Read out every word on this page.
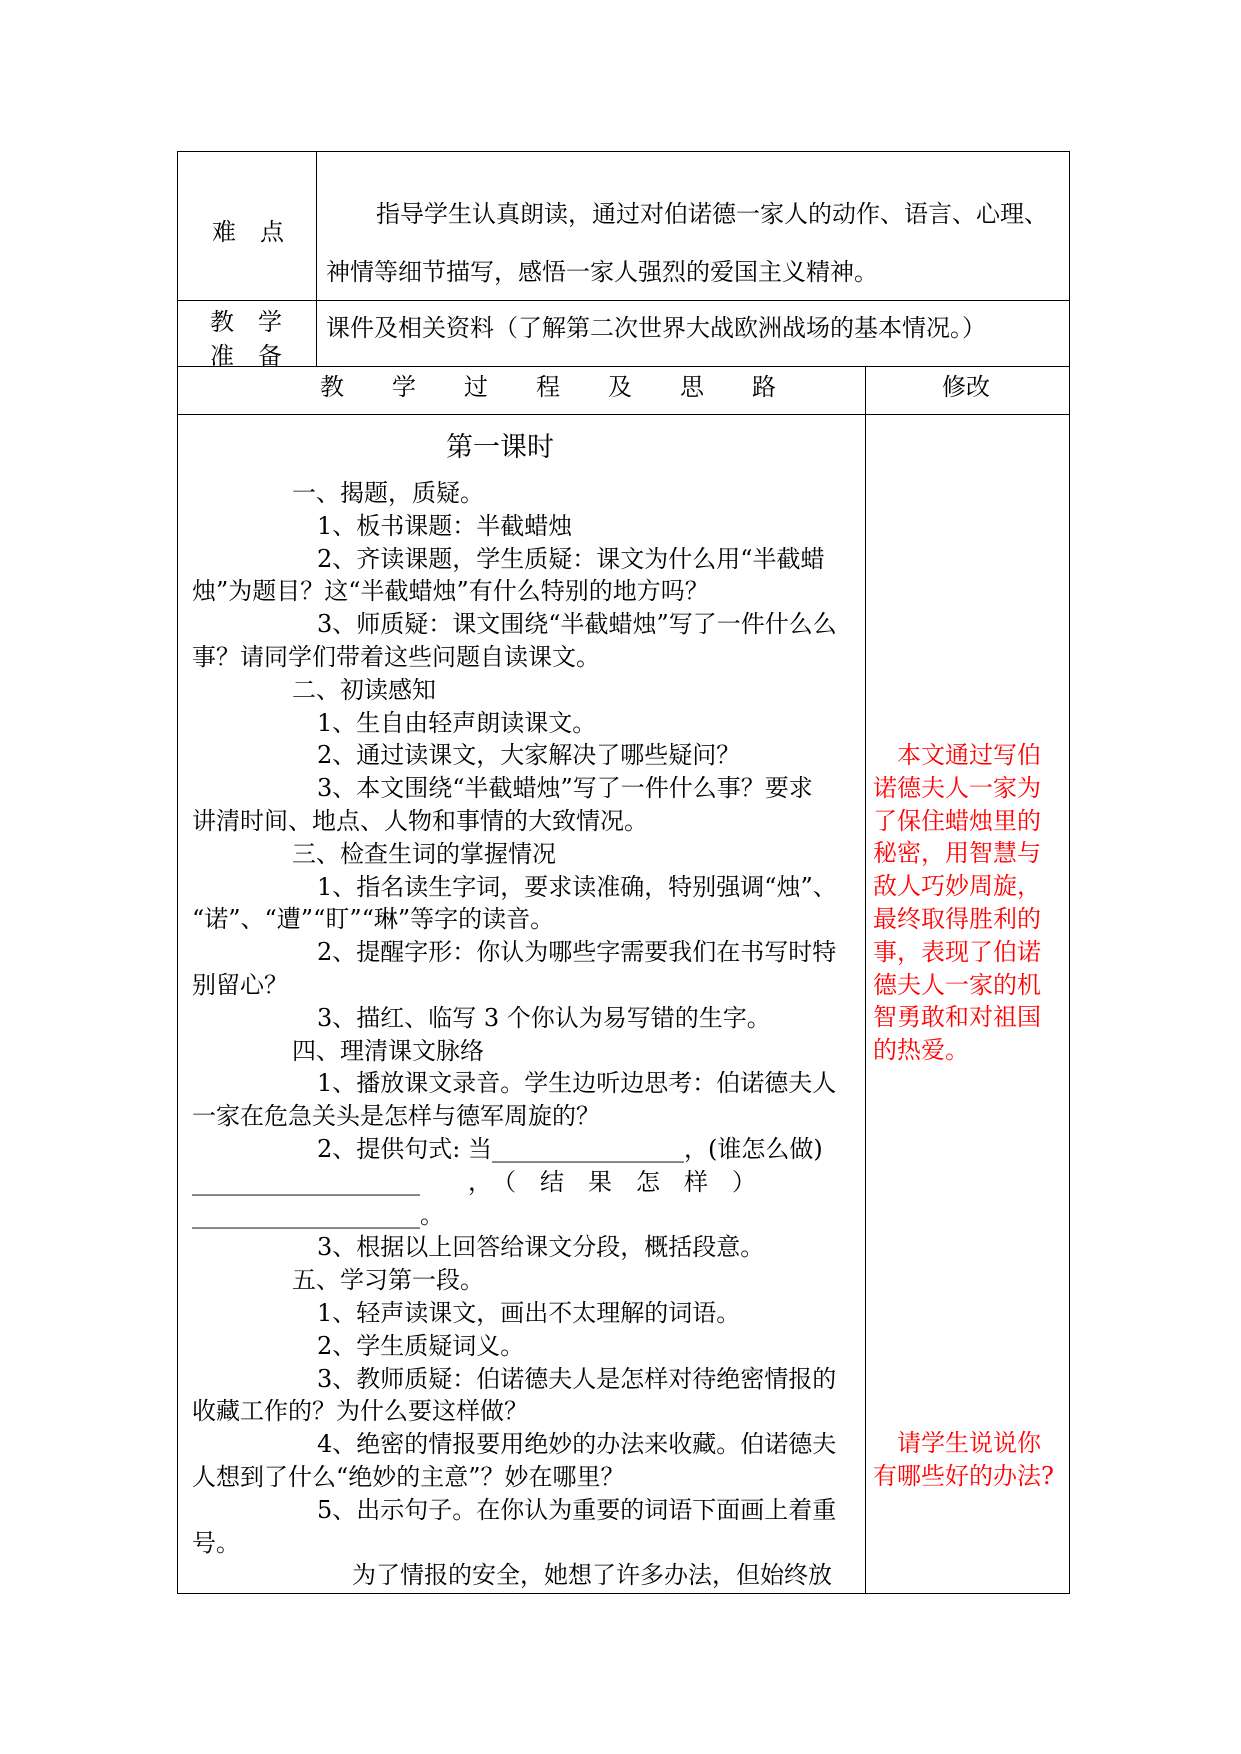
难　点
指导学生认真朗读，通过对伯诺德一家人的动作、语言、心理、
神情等细节描写，感悟一家人强烈的爱国主义精神。
教　学
准　备
课件及相关资料（了解第二次世界大战欧洲战场的基本情况。）
教　　学　　过　　程　　及　　思　　路	修改
第一课时
一、揭题，质疑。
1、板书课题：半截蜡烛
2、齐读课题，学生质疑：课文为什么用“半截蜡
烛”为题目？这“半截蜡烛”有什么特别的地方吗？
3、师质疑：课文围绕“半截蜡烛”写了一件什么么
事？请同学们带着这些问题自读课文。
二、初读感知
1、生自由轻声朗读课文。
2、通过读课文，大家解决了哪些疑问？
3、本文围绕“半截蜡烛”写了一件什么事？要求
讲清时间、地点、人物和事情的大致情况。
三、检查生词的掌握情况
1、指名读生字词，要求读准确，特别强调“烛”、
“诺”、“遭”“盯”“琳”等字的读音。
2、提醒字形：你认为哪些字需要我们在书写时特
别留心？
3、描红、临写 3 个你认为易写错的生字。
四、理清课文脉络
1、播放课文录音。学生边听边思考：伯诺德夫人
一家在危急关头是怎样与德军周旋的？
2、提供句式: 当________________，(谁怎么做)
___________________　　，　（　结　果　怎　样　）
___________________。
3、根据以上回答给课文分段，概括段意。
五、学习第一段。
1、轻声读课文，画出不太理解的词语。
2、学生质疑词义。
3、教师质疑：伯诺德夫人是怎样对待绝密情报的
收藏工作的？为什么要这样做？
4、绝密的情报要用绝妙的办法来收藏。伯诺德夫
人想到了什么“绝妙的主意”？妙在哪里？
5、出示句子。在你认为重要的词语下面画上着重
号。
为了情报的安全，她想了许多办法，但始终放
　本文通过写伯
诺德夫人一家为
了保住蜡烛里的
秘密，用智慧与
敌人巧妙周旋，
最终取得胜利的
事，表现了伯诺
德夫人一家的机
智勇敢和对祖国
的热爱。
　请学生说说你
有哪些好的办法?
